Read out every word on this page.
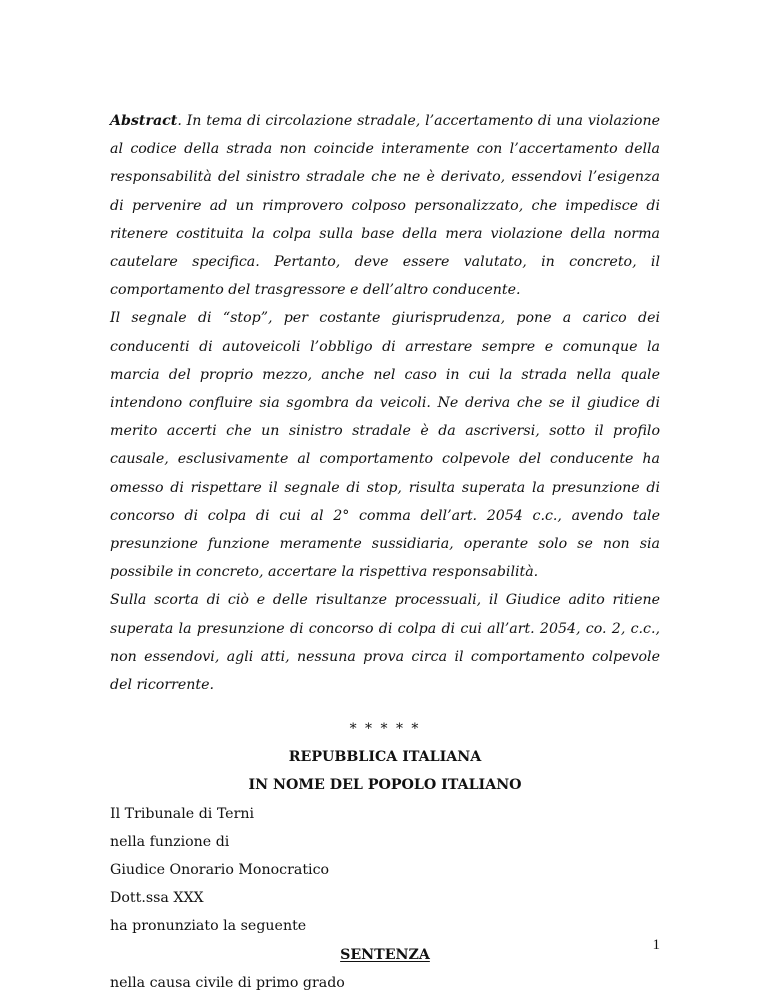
Abstract. In tema di circolazione stradale, l’accertamento di una violazione al codice della strada non coincide interamente con l’accertamento della responsabilità del sinistro stradale che ne è derivato, essendovi l’esigenza di pervenire ad un rimprovero colposo personalizzato, che impedisce di ritenere costituita la colpa sulla base della mera violazione della norma cautelare specifica. Pertanto, deve essere valutato, in concreto, il comportamento del trasgressore e dell’altro conducente.

Il segnale di “stop”, per costante giurisprudenza, pone a carico dei conducenti di autoveicoli l’obbligo di arrestare sempre e comunque la marcia del proprio mezzo, anche nel caso in cui la strada nella quale intendono confluire sia sgombra da veicoli. Ne deriva che se il giudice di merito accerti che un sinistro stradale è da ascriversi, sotto il profilo causale, esclusivamente al comportamento colpevole del conducente ha omesso di rispettare il segnale di stop, risulta superata la presunzione di concorso di colpa di cui al 2° comma dell’art. 2054 c.c., avendo tale presunzione funzione meramente sussidiaria, operante solo se non sia possibile in concreto, accertare la rispettiva responsabilità.

Sulla scorta di ciò e delle risultanze processuali, il Giudice adito ritiene superata la presunzione di concorso di colpa di cui all’art. 2054, co. 2, c.c., non essendovi, agli atti, nessuna prova circa il comportamento colpevole del ricorrente.

* * * * *

REPUBBLICA ITALIANA

IN NOME DEL POPOLO ITALIANO

Il Tribunale di Terni

nella funzione di

Giudice Onorario Monocratico

Dott.ssa XXX

ha pronunziato la seguente

SENTENZA

nella causa civile di primo grado

1
